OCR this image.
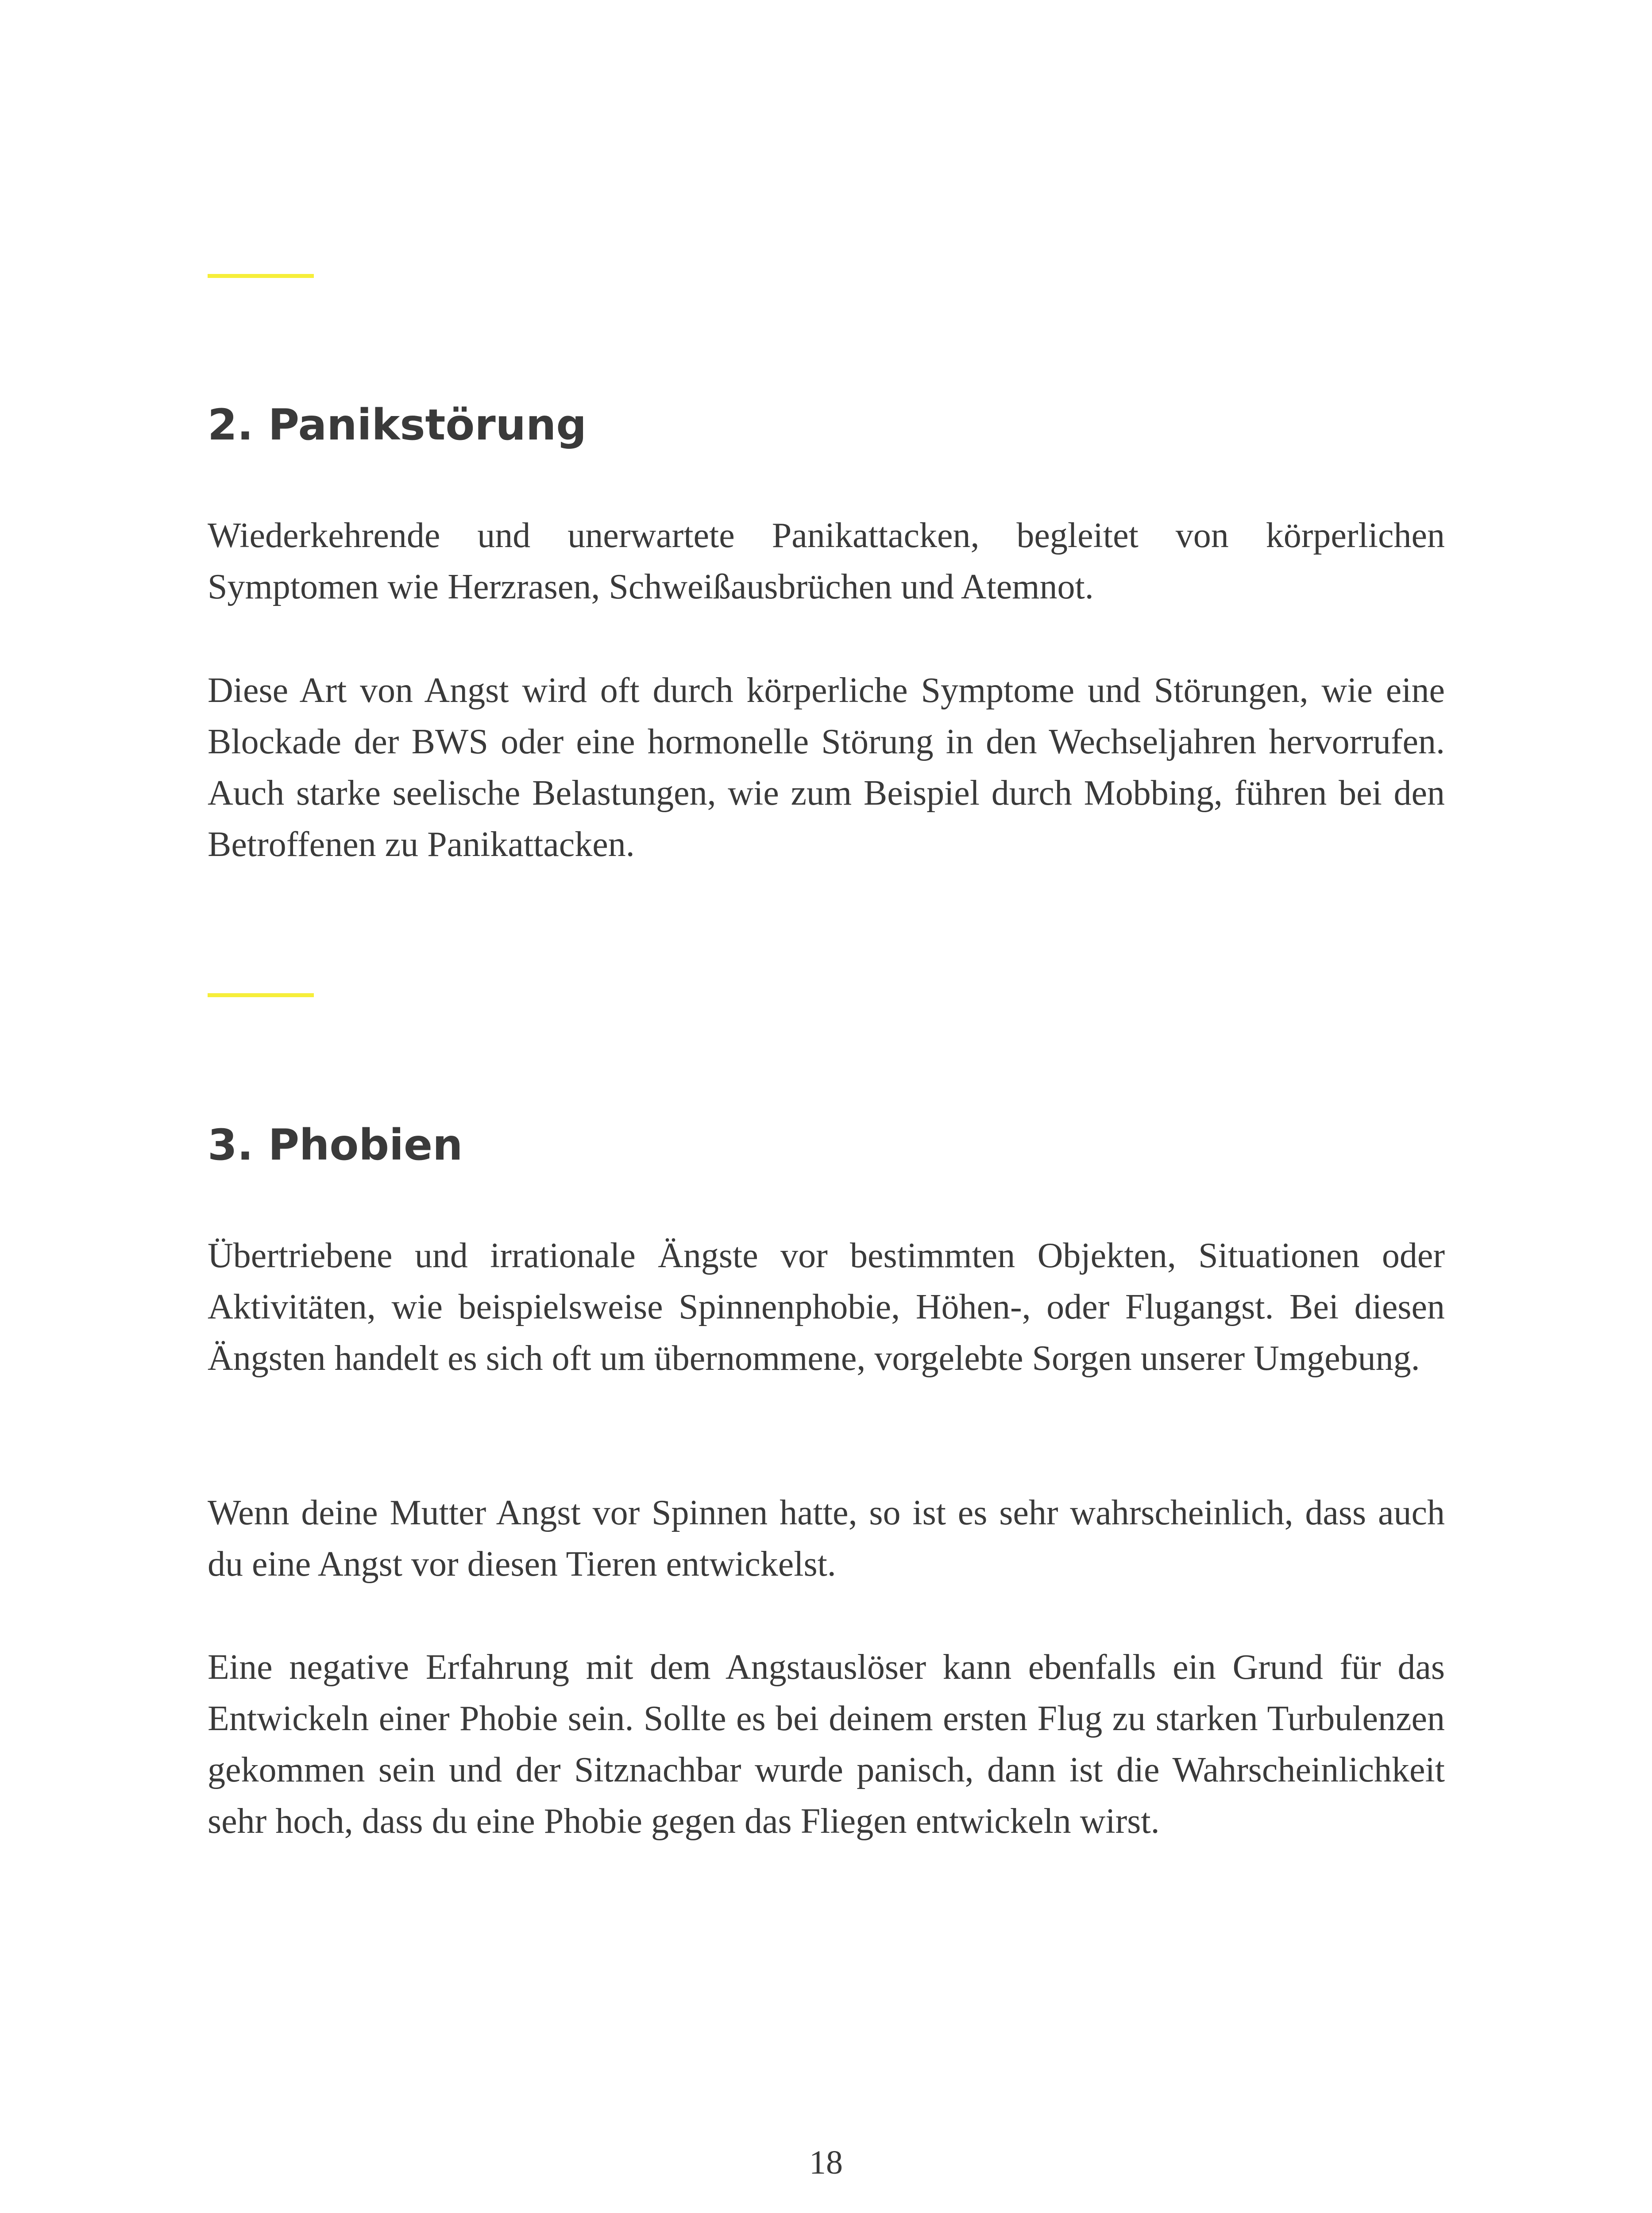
2. Panikstörung

Wiederkehrende und unerwartete Panikattacken, begleitet von körperlichen Symptomen wie Herzrasen, Schweißausbrüchen und Atemnot.

Diese Art von Angst wird oft durch körperliche Symptome und Störungen, wie eine Blockade der BWS oder eine hormonelle Störung in den Wechseljahren hervorrufen. Auch starke seelische Belastungen, wie zum Beispiel durch Mobbing, führen bei den Betroffenen zu Panikattacken.

3. Phobien

Übertriebene und irrationale Ängste vor bestimmten Objekten, Situationen oder Aktivitäten, wie beispielsweise Spinnenphobie, Höhen-, oder Flugangst. Bei diesen Ängsten handelt es sich oft um übernommene, vorgelebte Sorgen unserer Umgebung.

Wenn deine Mutter Angst vor Spinnen hatte, so ist es sehr wahrscheinlich, dass auch du eine Angst vor diesen Tieren entwickelst.

Eine negative Erfahrung mit dem Angstauslöser kann ebenfalls ein Grund für das Entwickeln einer Phobie sein. Sollte es bei deinem ersten Flug zu starken Turbulenzen gekommen sein und der Sitznachbar wurde panisch, dann ist die Wahrscheinlichkeit sehr hoch, dass du eine Phobie gegen das Fliegen entwickeln wirst.

18
